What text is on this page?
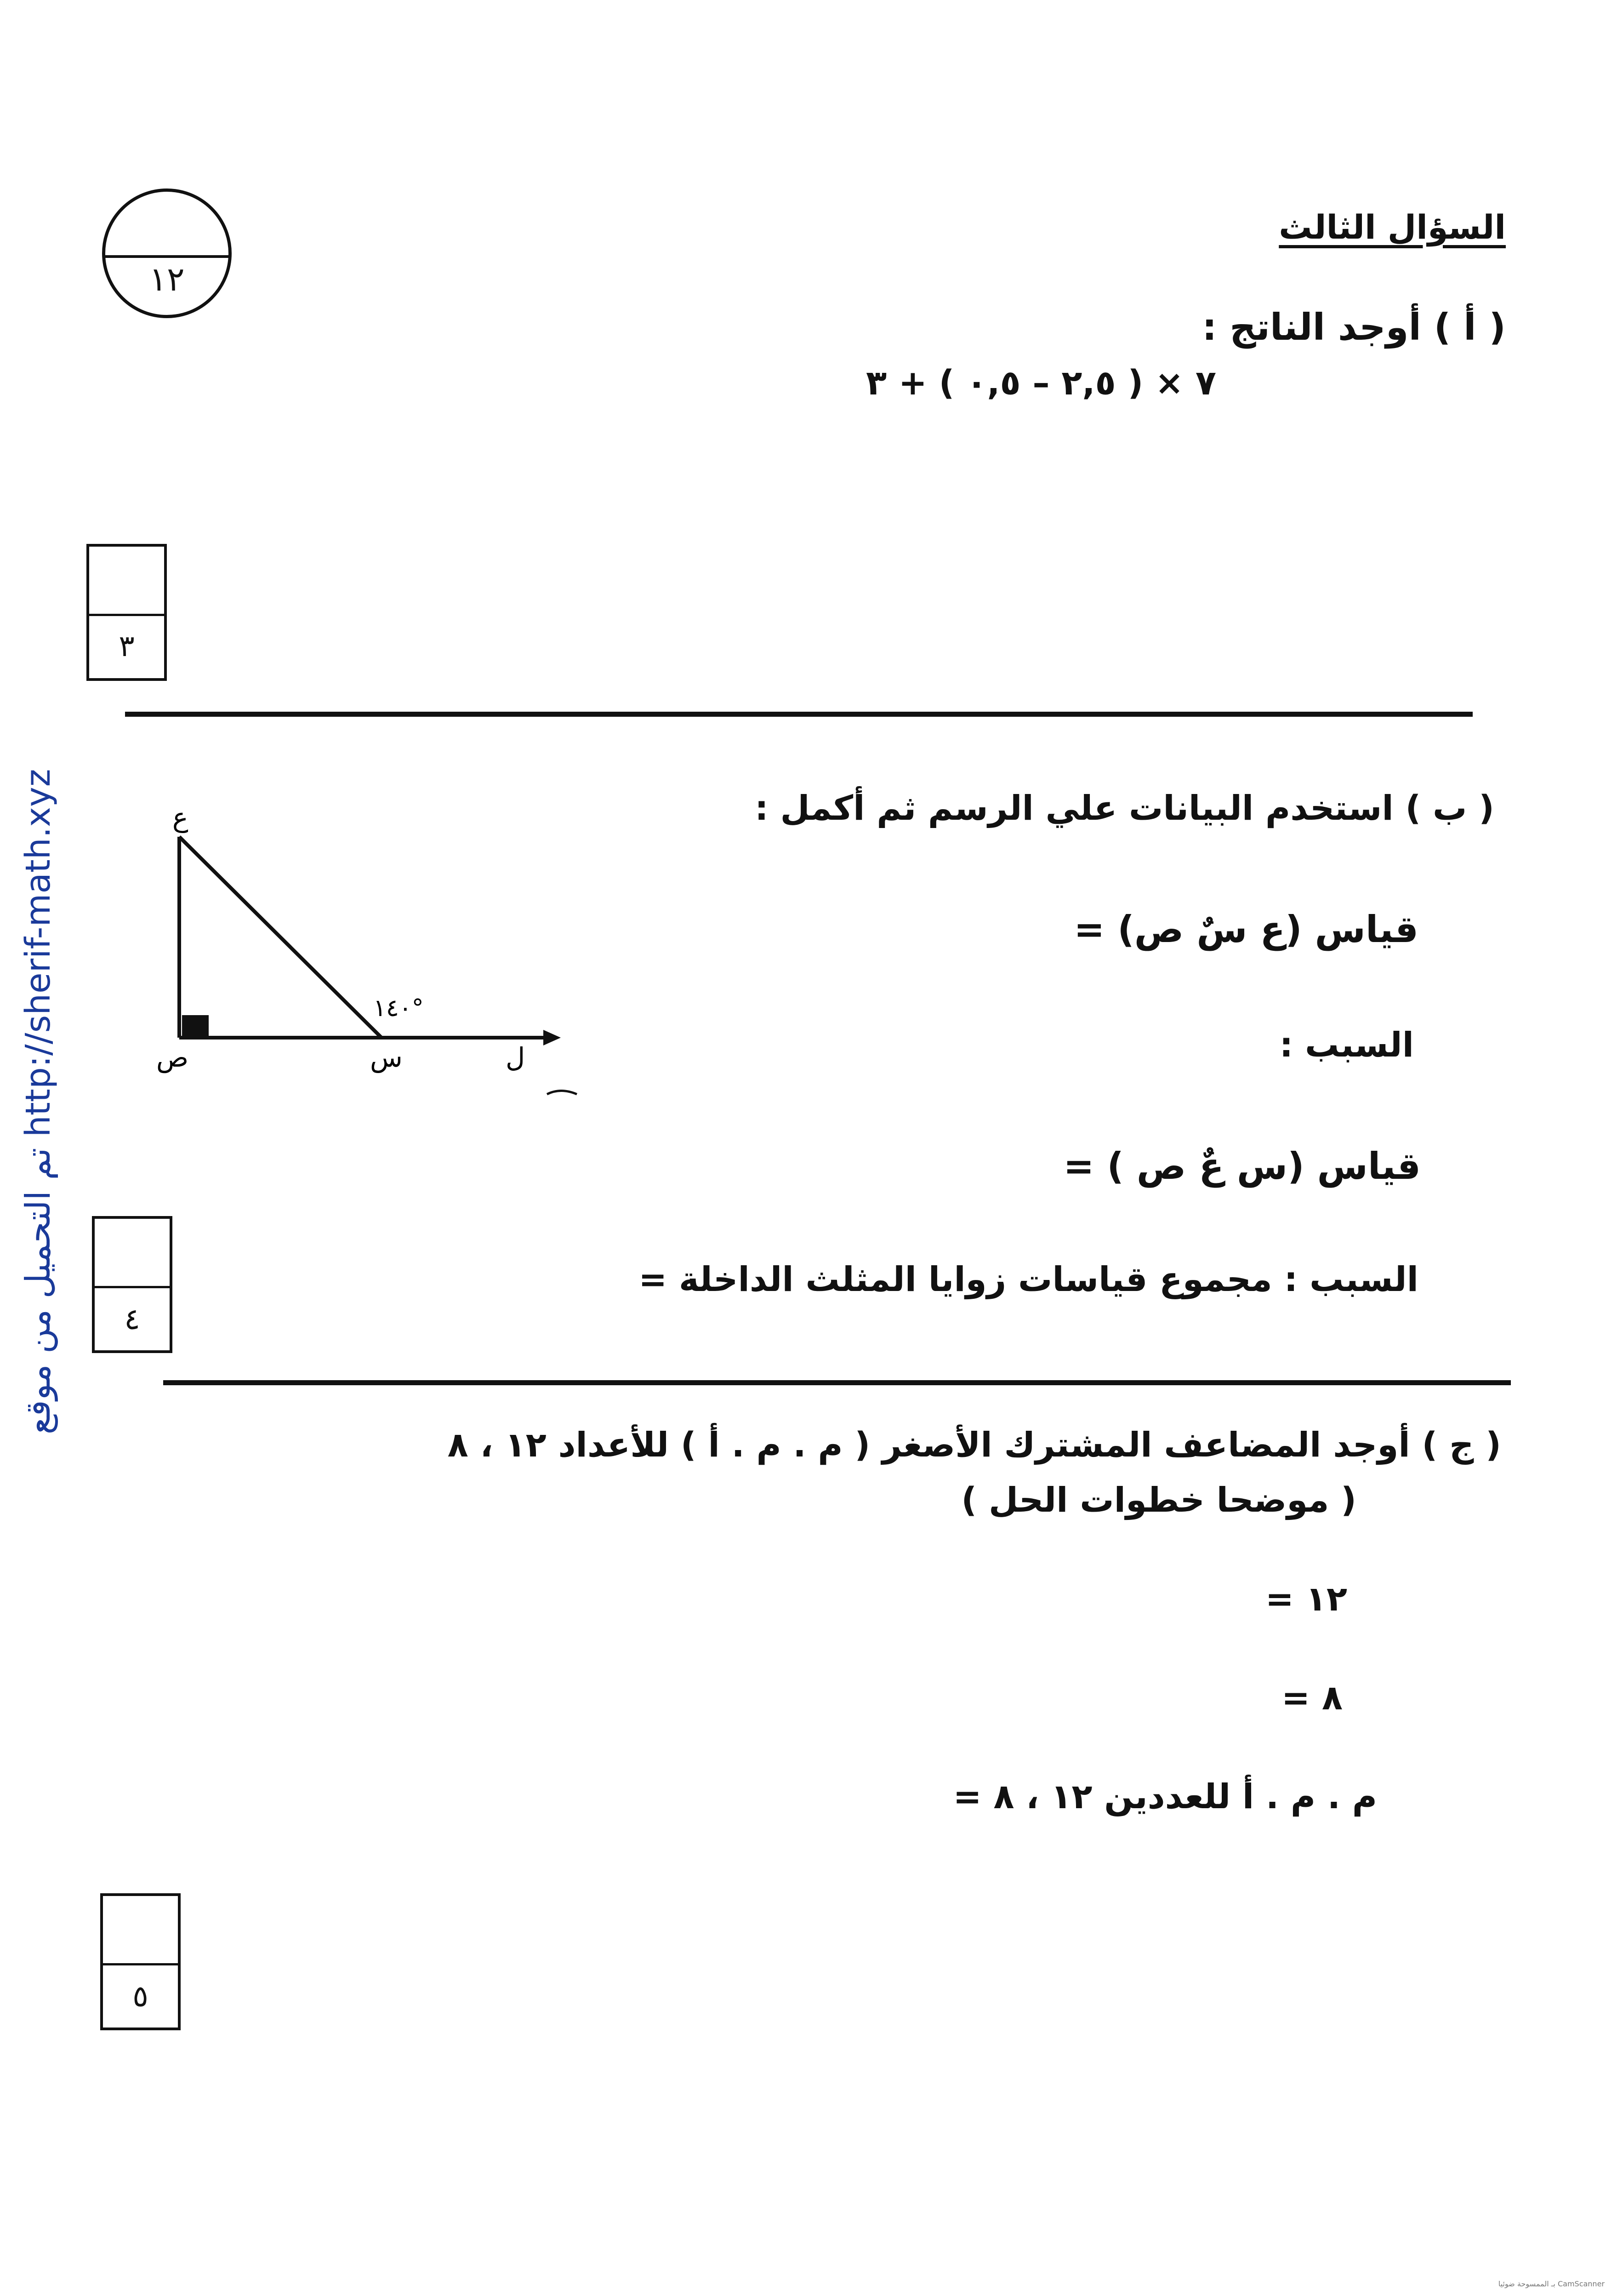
السؤال الثالث
١٢
تم التحميل من موقع http://sherif-math.xyz
( أ ) أوجد الناتج :
٧ × ( ٢,٥ – ٠,٥ ) + ٣
٣
( ب ) استخدم البيانات علي الرسم ثم أكمل :
ع
ص	س	ل
١٤٠°
قياس (ع سٌ ص) =
السبب :
قياس (س عٌ ص ) =
السبب : مجموع قياسات زوايا المثلث الداخلة =
٤
( ج ) أوجد المضاعف المشترك الأصغر ( م . م . أ ) للأعداد ١٢ ، ٨
( موضحا خطوات الحل )
١٢ =
٨ =
م . م . أ للعددين ١٢ ، ٨ =
٥
CamScanner بـ الممسوحة ضوئيا
